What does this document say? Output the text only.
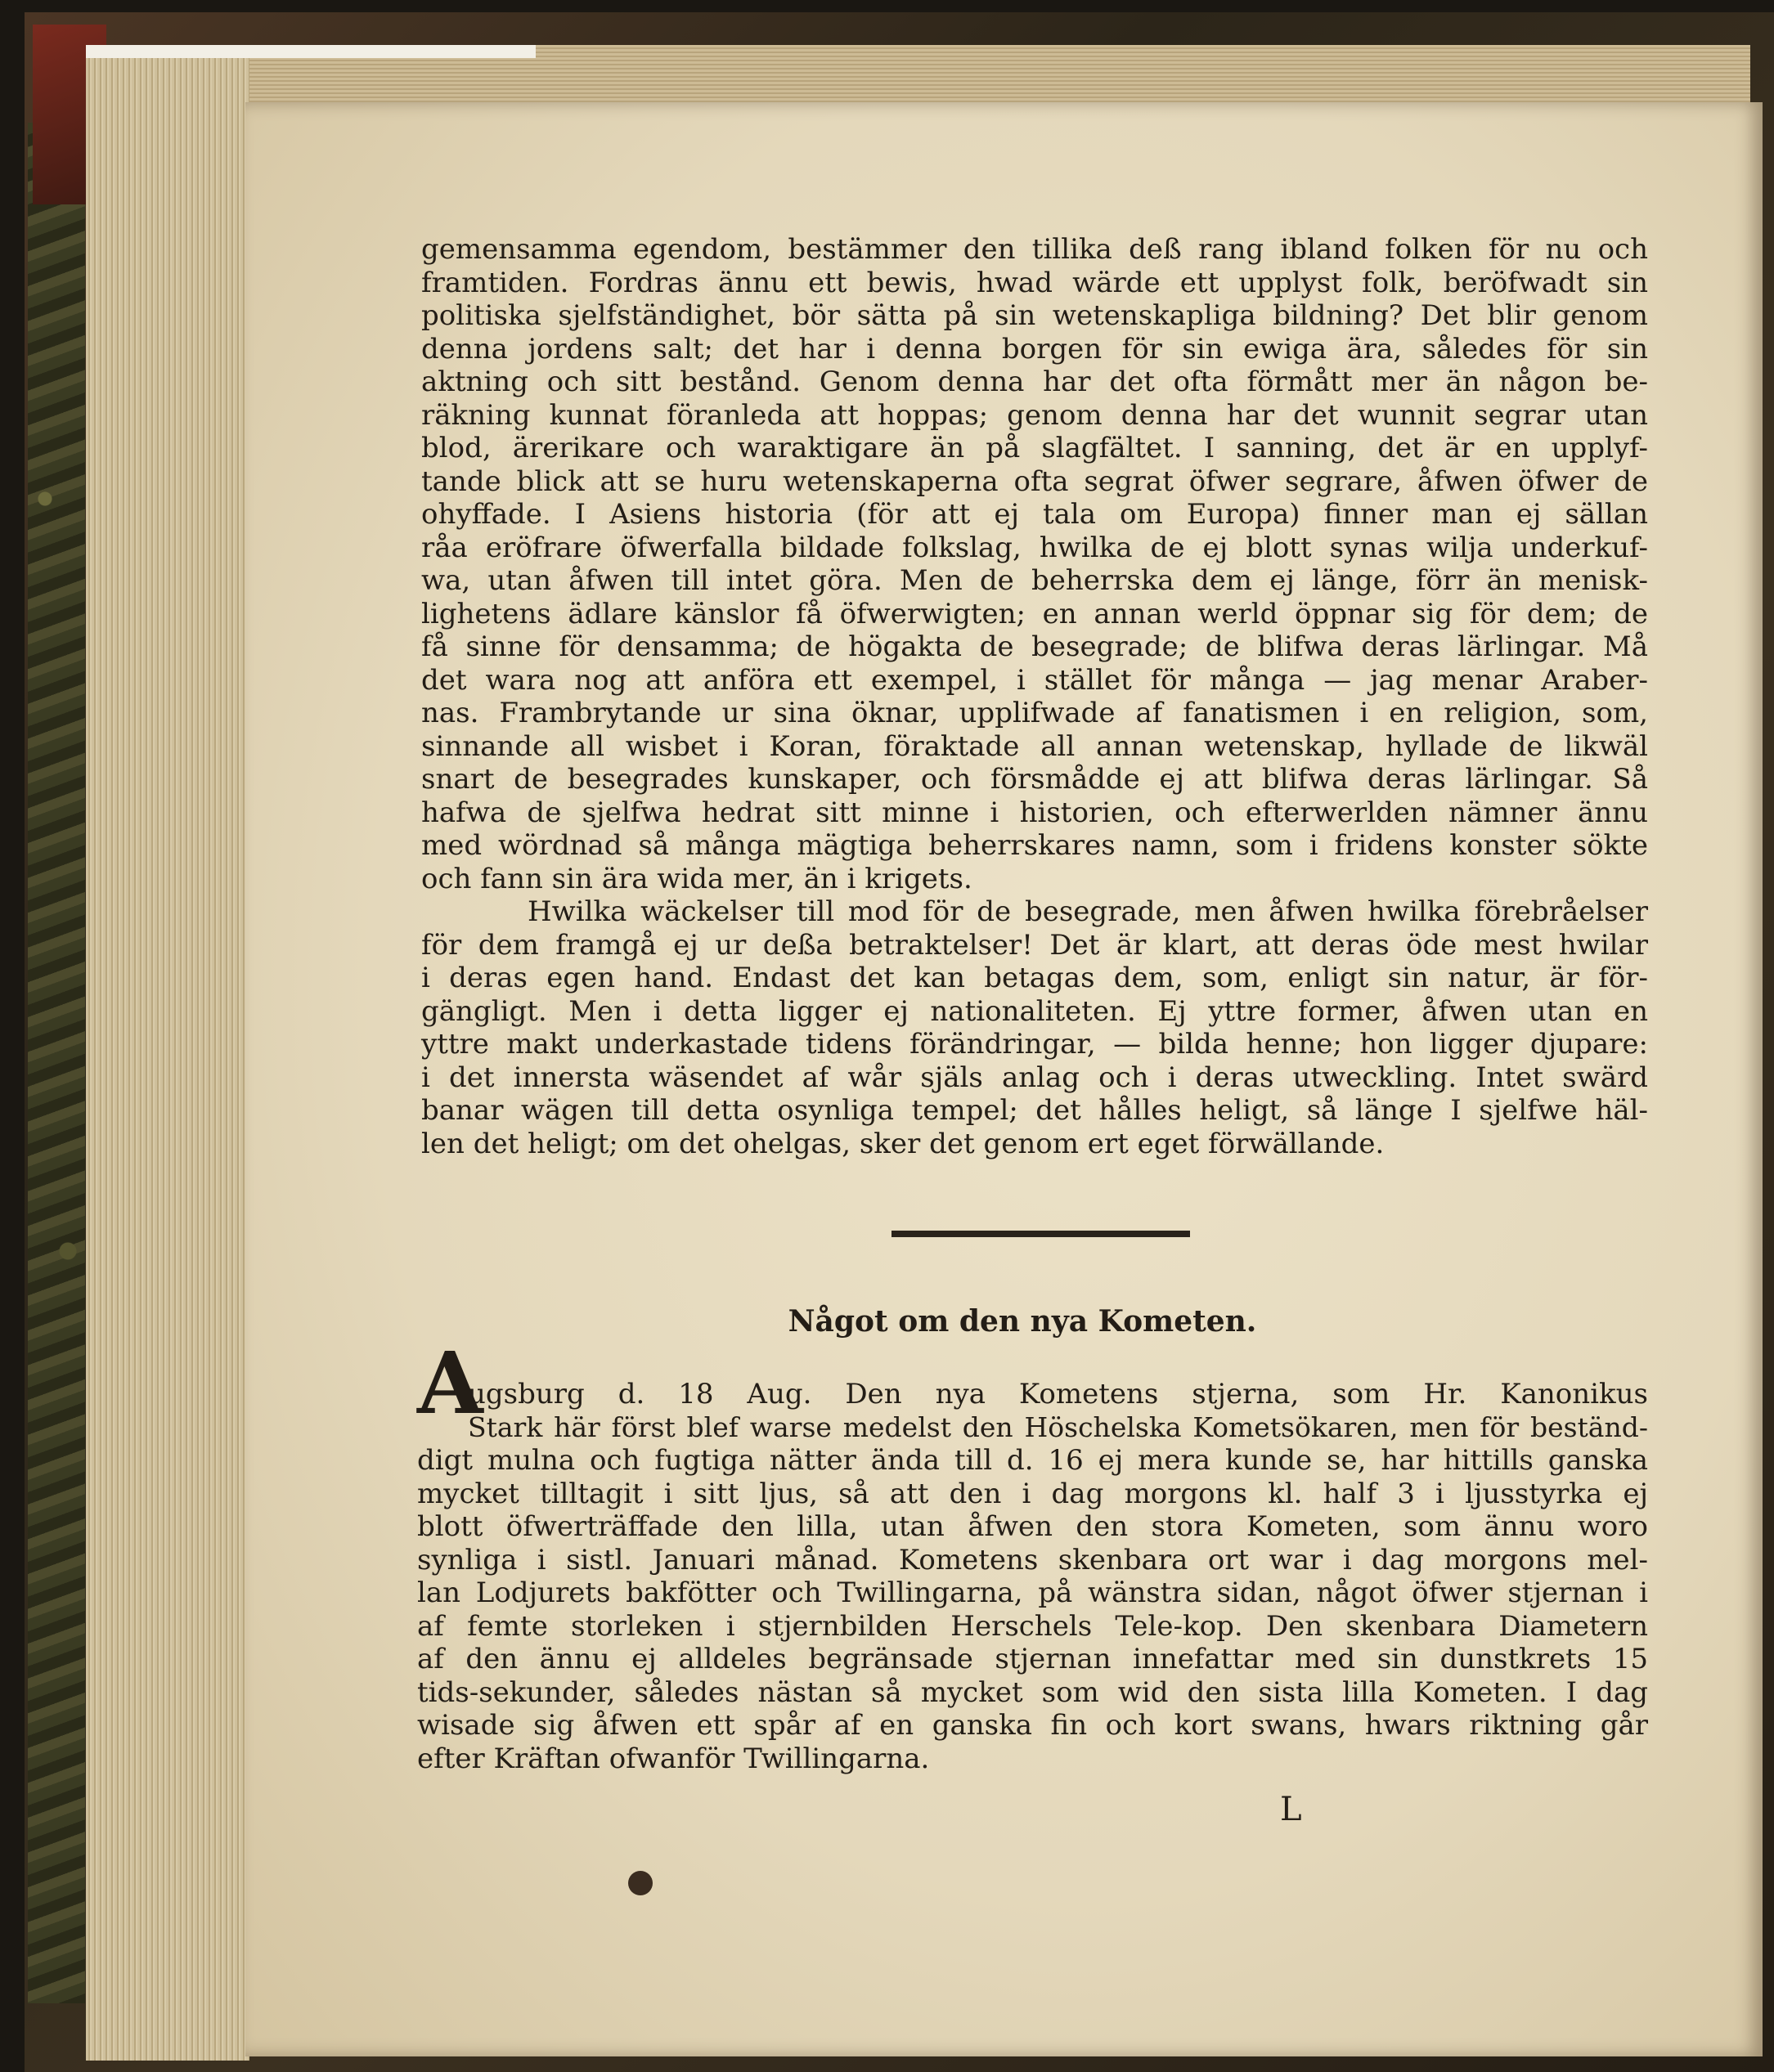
gemensamma egendom, bestämmer den tillika deß rang ibland folken för nu och
framtiden. Fordras ännu ett bewis, hwad wärde ett upplyst folk, beröfwadt sin
politiska sjelfständighet, bör sätta på sin wetenskapliga bildning? Det blir genom
denna jordens salt; det har i denna borgen för sin ewiga ära, således för sin
aktning och sitt bestånd. Genom denna har det ofta förmått mer än någon be-
räkning kunnat föranleda att hoppas; genom denna har det wunnit segrar utan
blod, ärerikare och waraktigare än på slagfältet. I sanning, det är en upplyf-
tande blick att se huru wetenskaperna ofta segrat öfwer segrare, åfwen öfwer de
ohyffade. I Asiens historia (för att ej tala om Europa) finner man ej sällan
råa eröfrare öfwerfalla bildade folkslag, hwilka de ej blott synas wilja underkuf-
wa, utan åfwen till intet göra. Men de beherrska dem ej länge, förr än menisk-
lighetens ädlare känslor få öfwerwigten; en annan werld öppnar sig för dem; de
få sinne för densamma; de högakta de besegrade; de blifwa deras lärlingar. Må
det wara nog att anföra ett exempel, i stället för många — jag menar Araber-
nas. Frambrytande ur sina öknar, upplifwade af fanatismen i en religion, som,
sinnande all wisbet i Koran, föraktade all annan wetenskap, hyllade de likwäl
snart de besegrades kunskaper, och försmådde ej att blifwa deras lärlingar. Så
hafwa de sjelfwa hedrat sitt minne i historien, och efterwerlden nämner ännu
med wördnad så många mägtiga beherrskares namn, som i fridens konster sökte
och fann sin ära wida mer, än i krigets.
Hwilka wäckelser till mod för de besegrade, men åfwen hwilka förebråelser
för dem framgå ej ur deßa betraktelser! Det är klart, att deras öde mest hwilar
i deras egen hand. Endast det kan betagas dem, som, enligt sin natur, är för-
gängligt. Men i detta ligger ej nationaliteten. Ej yttre former, åfwen utan en
yttre makt underkastade tidens förändringar, — bilda henne; hon ligger djupare:
i det innersta wäsendet af wår själs anlag och i deras utweckling. Intet swärd
banar wägen till detta osynliga tempel; det hålles heligt, så länge I sjelfwe häl-
len det heligt; om det ohelgas, sker det genom ert eget förwällande.
Något om den nya Kometen.
A
ugsburg d. 18 Aug. Den nya Kometens stjerna, som Hr. Kanonikus
Stark här först blef warse medelst den Höschelska Kometsökaren, men för beständ-
digt mulna och fugtiga nätter ända till d. 16 ej mera kunde se, har hittills ganska
mycket tilltagit i sitt ljus, så att den i dag morgons kl. half 3 i ljusstyrka ej
blott öfwerträffade den lilla, utan åfwen den stora Kometen, som ännu woro
synliga i sistl. Januari månad. Kometens skenbara ort war i dag morgons mel-
lan Lodjurets bakfötter och Twillingarna, på wänstra sidan, något öfwer stjernan i
af femte storleken i stjernbilden Herschels Tele-kop. Den skenbara Diametern
af den ännu ej alldeles begränsade stjernan innefattar med sin dunstkrets 15
tids-sekunder, således nästan så mycket som wid den sista lilla Kometen. I dag
wisade sig åfwen ett spår af en ganska fin och kort swans, hwars riktning går
efter Kräftan ofwanför Twillingarna.
L
